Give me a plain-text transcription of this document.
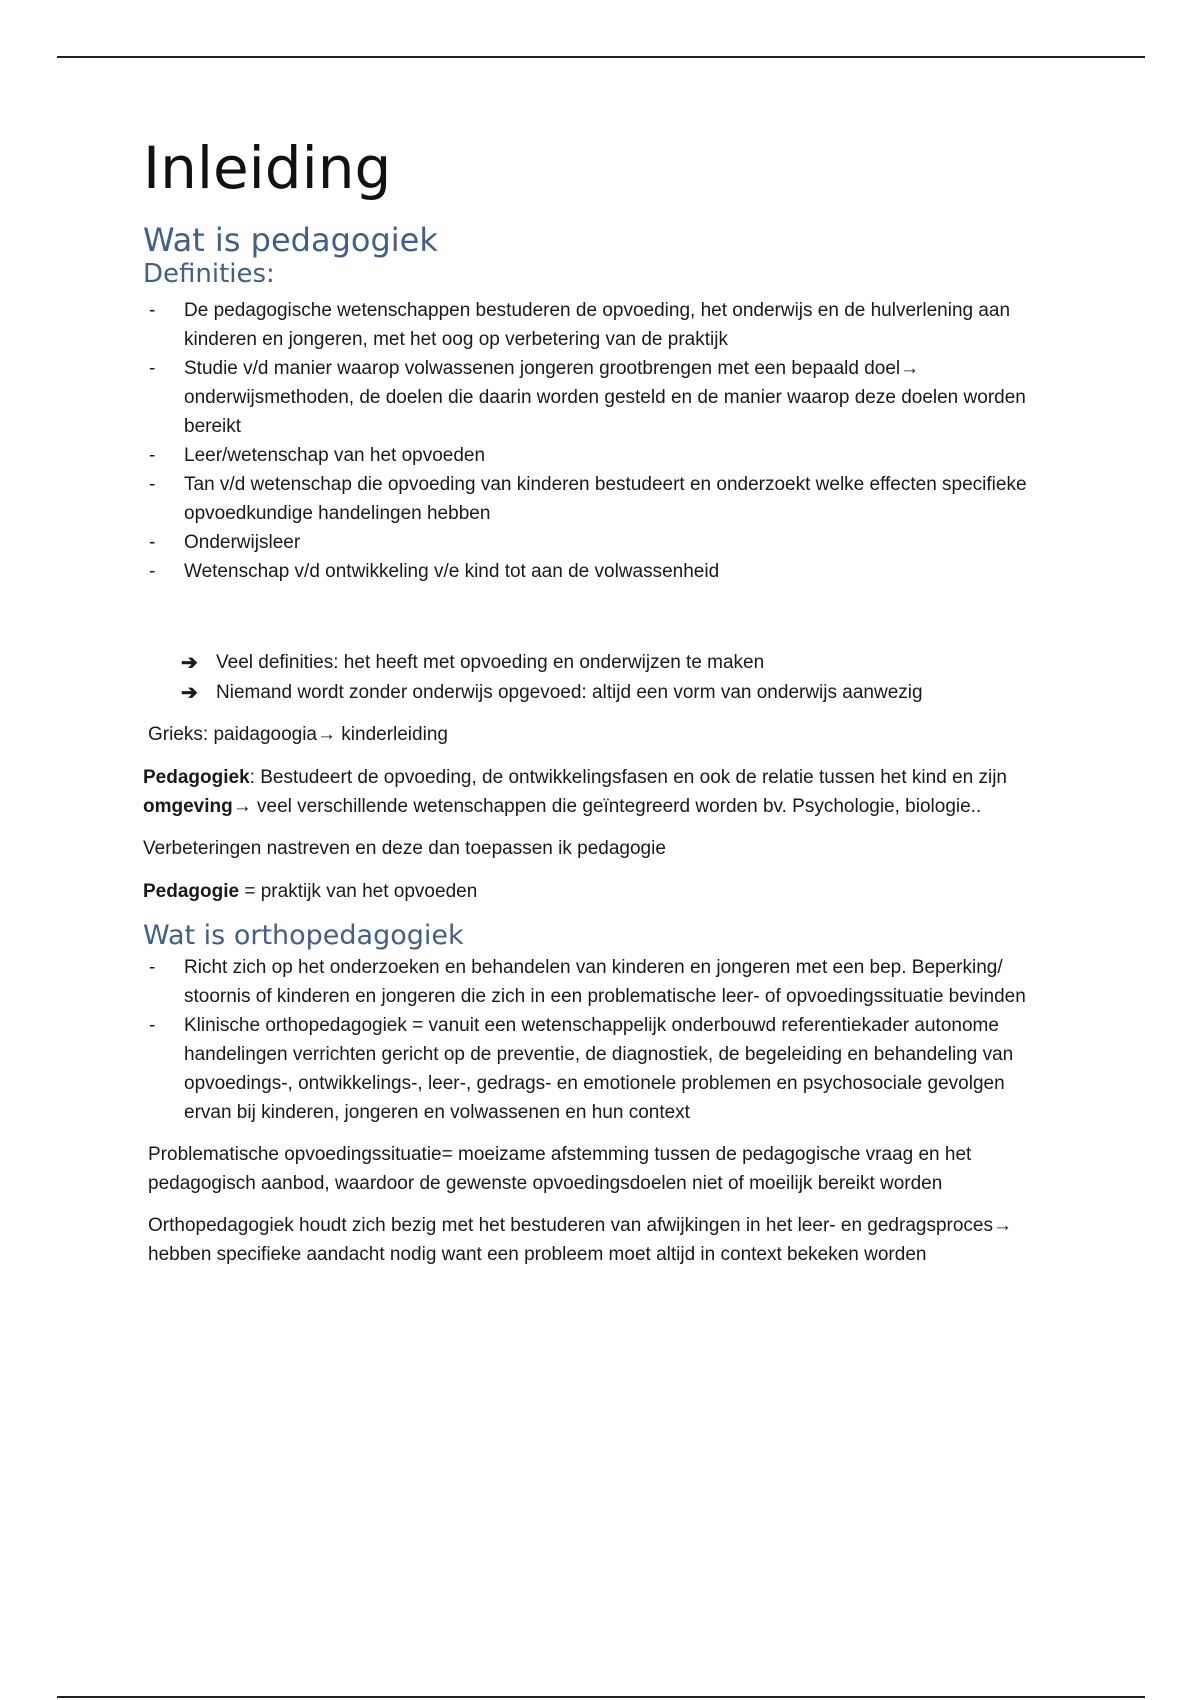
Inleiding
Wat is pedagogiek
Definities:
- De pedagogische wetenschappen bestuderen de opvoeding, het onderwijs en de hulverlening aan kinderen en jongeren, met het oog op verbetering van de praktijk
- Studie v/d manier waarop volwassenen jongeren grootbrengen met een bepaald doel→ onderwijsmethoden, de doelen die daarin worden gesteld en de manier waarop deze doelen worden bereikt
- Leer/wetenschap van het opvoeden
- Tan v/d wetenschap die opvoeding van kinderen bestudeert en onderzoekt welke effecten specifieke opvoedkundige handelingen hebben
- Onderwijsleer
- Wetenschap v/d ontwikkeling v/e kind tot aan de volwassenheid
➔ Veel definities: het heeft met opvoeding en onderwijzen te maken
➔ Niemand wordt zonder onderwijs opgevoed: altijd een vorm van onderwijs aanwezig

Grieks: paidagoogia→ kinderleiding

Pedagogiek: Bestudeert de opvoeding, de ontwikkelingsfasen en ook de relatie tussen het kind en zijn omgeving→ veel verschillende wetenschappen die geïntegreerd worden bv. Psychologie, biologie..

Verbeteringen nastreven en deze dan toepassen ik pedagogie

Pedagogie = praktijk van het opvoeden

Wat is orthopedagogiek
- Richt zich op het onderzoeken en behandelen van kinderen en jongeren met een bep. Beperking/ stoornis of kinderen en jongeren die zich in een problematische leer- of opvoedingssituatie bevinden
- Klinische orthopedagogiek = vanuit een wetenschappelijk onderbouwd referentiekader autonome handelingen verrichten gericht op de preventie, de diagnostiek, de begeleiding en behandeling van opvoedings-, ontwikkelings-, leer-, gedrags- en emotionele problemen en psychosociale gevolgen ervan bij kinderen, jongeren en volwassenen en hun context

Problematische opvoedingssituatie= moeizame afstemming tussen de pedagogische vraag en het pedagogisch aanbod, waardoor de gewenste opvoedingsdoelen niet of moeilijk bereikt worden

Orthopedagogiek houdt zich bezig met het bestuderen van afwijkingen in het leer- en gedragsproces→ hebben specifieke aandacht nodig want een probleem moet altijd in context bekeken worden
